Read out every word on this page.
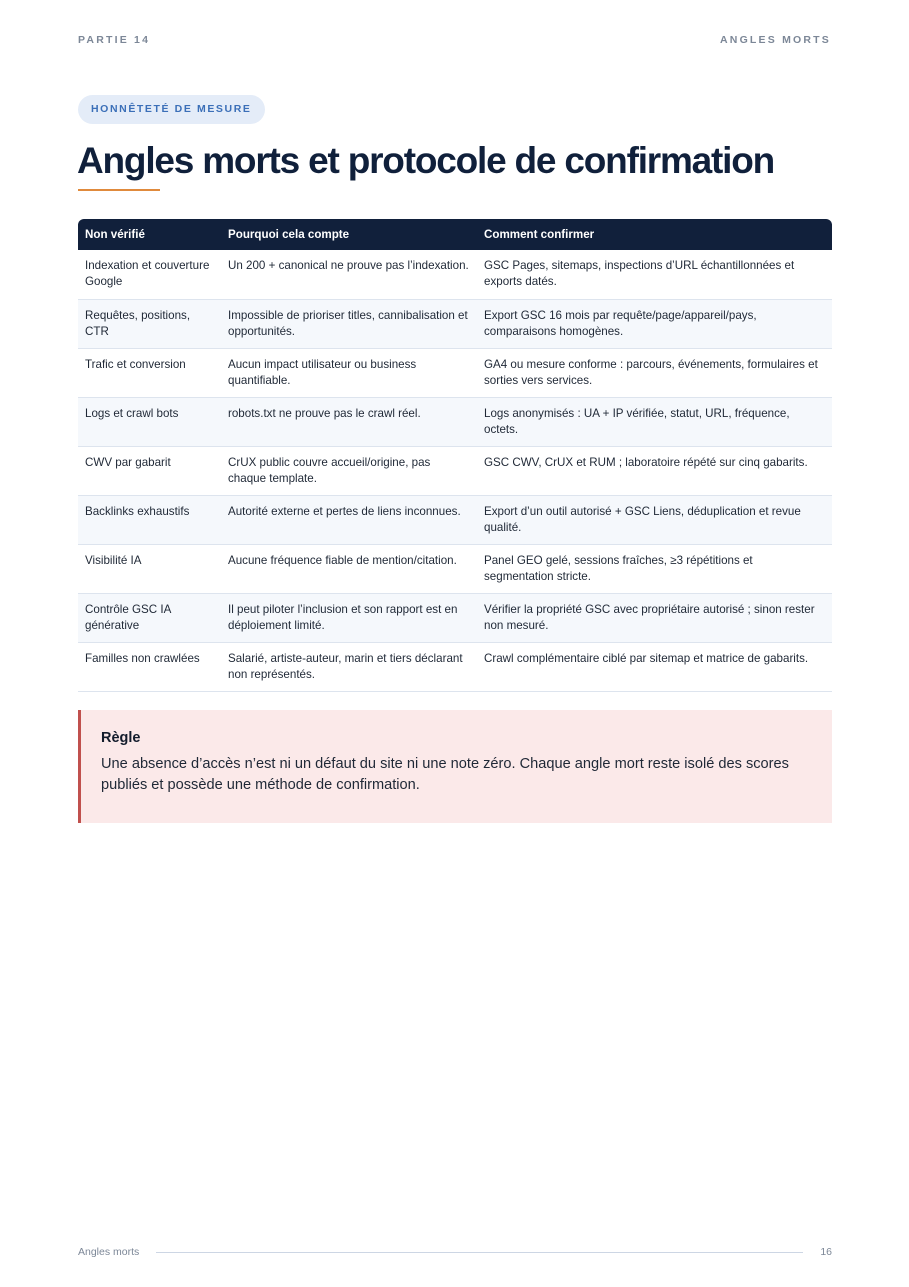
PARTIE 14	ANGLES MORTS
HONNÊTETÉ DE MESURE
Angles morts et protocole de confirmation
Non vérifié	Pourquoi cela compte	Comment confirmer
Indexation et couverture Google	Un 200 + canonical ne prouve pas l’indexation.	GSC Pages, sitemaps, inspections d’URL échantillonnées et exports datés.
Requêtes, positions, CTR	Impossible de prioriser titles, cannibalisation et opportunités.	Export GSC 16 mois par requête/page/appareil/pays, comparaisons homogènes.
Trafic et conversion	Aucun impact utilisateur ou business quantifiable.	GA4 ou mesure conforme : parcours, événements, formulaires et sorties vers services.
Logs et crawl bots	robots.txt ne prouve pas le crawl réel.	Logs anonymisés : UA + IP vérifiée, statut, URL, fréquence, octets.
CWV par gabarit	CrUX public couvre accueil/origine, pas chaque template.	GSC CWV, CrUX et RUM ; laboratoire répété sur cinq gabarits.
Backlinks exhaustifs	Autorité externe et pertes de liens inconnues.	Export d’un outil autorisé + GSC Liens, déduplication et revue qualité.
Visibilité IA	Aucune fréquence fiable de mention/citation.	Panel GEO gelé, sessions fraîches, ≥3 répétitions et segmentation stricte.
Contrôle GSC IA générative	Il peut piloter l’inclusion et son rapport est en déploiement limité.	Vérifier la propriété GSC avec propriétaire autorisé ; sinon rester non mesuré.
Familles non crawlées	Salarié, artiste-auteur, marin et tiers déclarant non représentés.	Crawl complémentaire ciblé par sitemap et matrice de gabarits.
Règle

Une absence d’accès n’est ni un défaut du site ni une note zéro. Chaque angle mort reste isolé des scores publiés et possède une méthode de confirmation.

Angles morts	16
